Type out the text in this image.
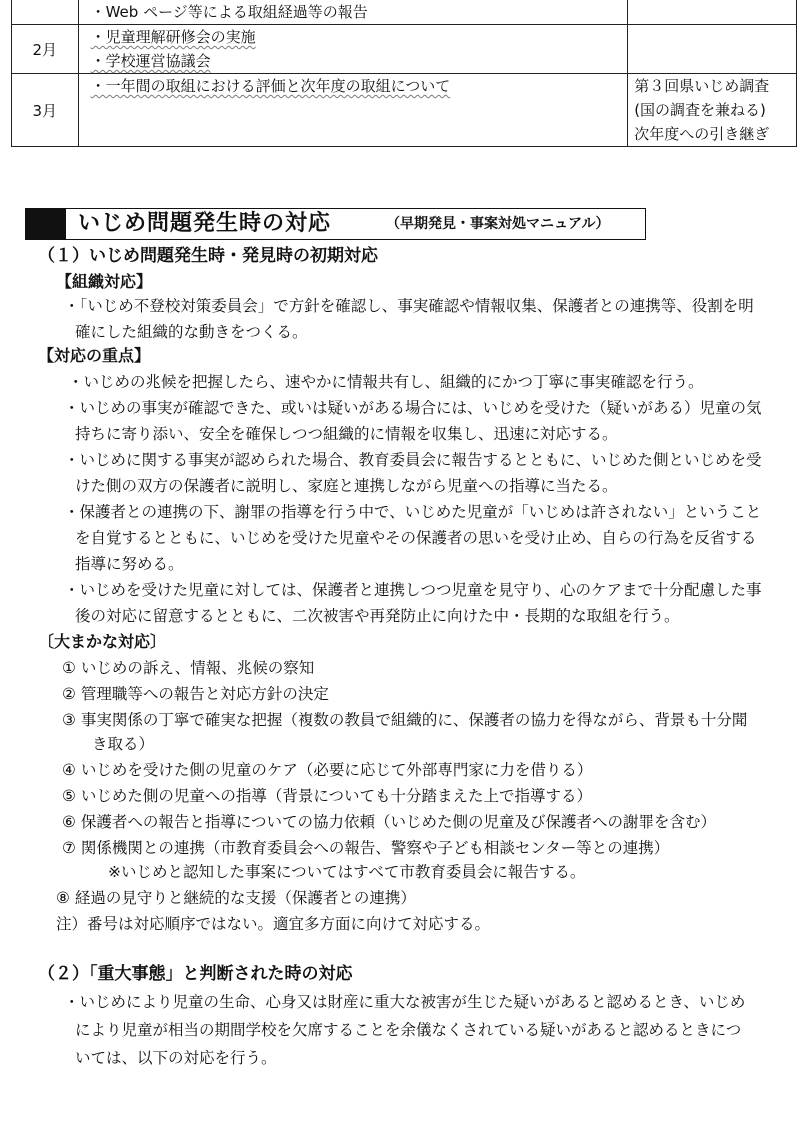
	・Web ページ等による取組経過等の報告	

2月	・児童理解研修会の実施
・学校運営協議会	

3月	・一年間の取組における評価と次年度の取組について	第３回県いじめ調査
(国の調査を兼ねる)
次年度への引き継ぎ
いじめ問題発生時の対応	（早期発見・事案対処マニュアル）
（１）いじめ問題発生時・発見時の初期対応
【組織対応】
・「いじめ不登校対策委員会」で方針を確認し、事実確認や情報収集、保護者との連携等、役割を明
確にした組織的な動きをつくる。
【対応の重点】
・いじめの兆候を把握したら、速やかに情報共有し、組織的にかつ丁寧に事実確認を行う。
・いじめの事実が確認できた、或いは疑いがある場合には、いじめを受けた（疑いがある）児童の気
持ちに寄り添い、安全を確保しつつ組織的に情報を収集し、迅速に対応する。
・いじめに関する事実が認められた場合、教育委員会に報告するとともに、いじめた側といじめを受
けた側の双方の保護者に説明し、家庭と連携しながら児童への指導に当たる。
・保護者との連携の下、謝罪の指導を行う中で、いじめた児童が「いじめは許されない」ということ
を自覚するとともに、いじめを受けた児童やその保護者の思いを受け止め、自らの行為を反省する
指導に努める。
・いじめを受けた児童に対しては、保護者と連携しつつ児童を見守り、心のケアまで十分配慮した事
後の対応に留意するとともに、二次被害や再発防止に向けた中・長期的な取組を行う。
〔大まかな対応〕
① いじめの訴え、情報、兆候の察知
② 管理職等への報告と対応方針の決定
③ 事実関係の丁寧で確実な把握（複数の教員で組織的に、保護者の協力を得ながら、背景も十分聞
き取る）
④ いじめを受けた側の児童のケア（必要に応じて外部専門家に力を借りる）
⑤ いじめた側の児童への指導（背景についても十分踏まえた上で指導する）
⑥ 保護者への報告と指導についての協力依頼（いじめた側の児童及び保護者への謝罪を含む）
⑦ 関係機関との連携（市教育委員会への報告、警察や子ども相談センター等との連携）
※いじめと認知した事案についてはすべて市教育委員会に報告する。
⑧ 経過の見守りと継続的な支援（保護者との連携）
注）番号は対応順序ではない。適宜多方面に向けて対応する。
（２）「重大事態」と判断された時の対応
・いじめにより児童の生命、心身又は財産に重大な被害が生じた疑いがあると認めるとき、いじめ
により児童が相当の期間学校を欠席することを余儀なくされている疑いがあると認めるときにつ
いては、以下の対応を行う。
